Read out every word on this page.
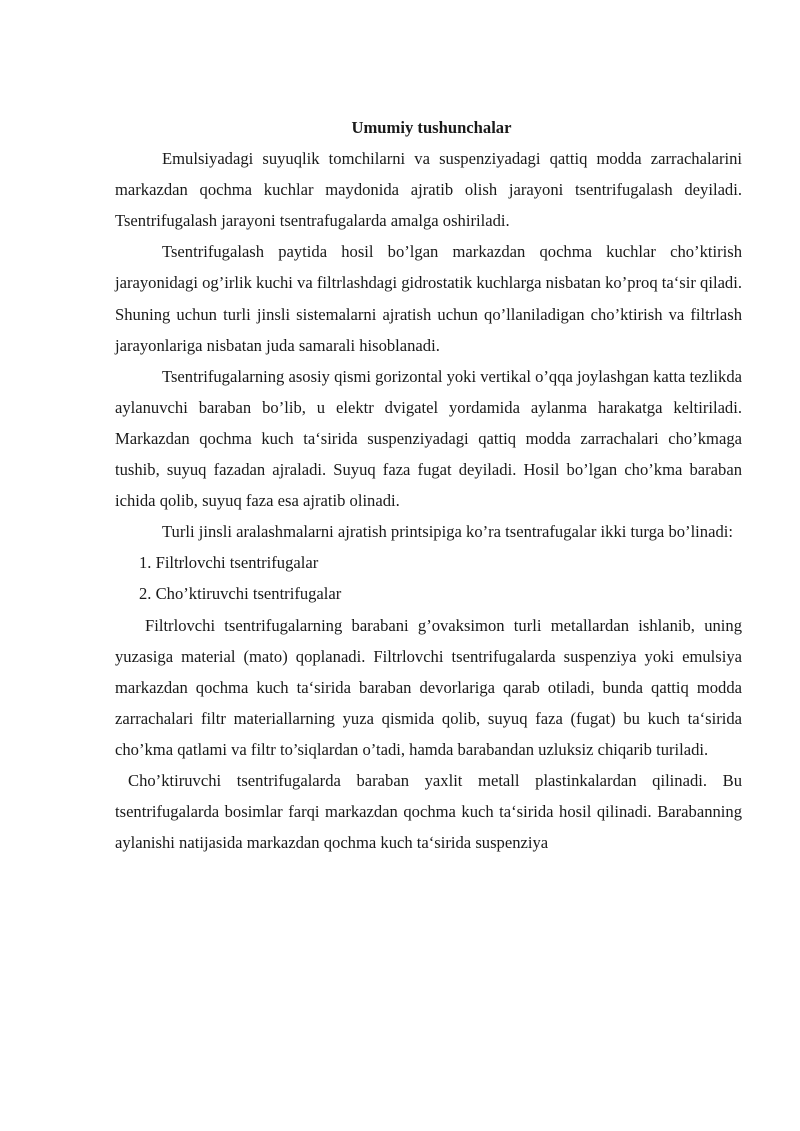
Umumiy tushunchalar

Emulsiyadagi suyuqlik tomchilarni va suspenziyadagi qattiq modda zarrachalarini markazdan qochma kuchlar maydonida ajratib olish jarayoni tsentrifugalash deyiladi. Tsentrifugalash jarayoni tsentrafugalarda amalga oshiriladi.

Tsentrifugalash paytida hosil bo’lgan markazdan qochma kuchlar cho’ktirish jarayonidagi og’irlik kuchi va filtrlashdagi gidrostatik kuchlarga nisbatan ko’proq ta‘sir qiladi. Shuning uchun turli jinsli sistemalarni ajratish uchun qo’llaniladigan cho’ktirish va filtrlash jarayonlariga nisbatan juda samarali hisoblanadi.

Tsentrifugalarning asosiy qismi gorizontal yoki vertikal o’qqa joylashgan katta tezlikda aylanuvchi baraban bo’lib, u elektr dvigatel yordamida aylanma harakatga keltiriladi. Markazdan qochma kuch ta‘sirida suspenziyadagi qattiq modda zarrachalari cho’kmaga tushib, suyuq fazadan ajraladi. Suyuq faza fugat deyiladi. Hosil bo’lgan cho’kma baraban ichida qolib, suyuq faza esa ajratib olinadi.

Turli jinsli aralashmalarni ajratish printsipiga ko’ra tsentrafugalar ikki turga bo’linadi:

1. Filtrlovchi tsentrifugalar

2. Cho’ktiruvchi tsentrifugalar

Filtrlovchi tsentrifugalarning barabani g’ovaksimon turli metallardan ishlanib, uning yuzasiga material (mato) qoplanadi. Filtrlovchi tsentrifugalarda suspenziya yoki emulsiya markazdan qochma kuch ta‘sirida baraban devorlariga qarab otiladi, bunda qattiq modda zarrachalari filtr materiallarning yuza qismida qolib, suyuq faza (fugat) bu kuch ta‘sirida cho’kma qatlami va filtr to’siqlardan o’tadi, hamda barabandan uzluksiz chiqarib turiladi.

Cho’ktiruvchi tsentrifugalarda baraban yaxlit metall plastinkalardan qilinadi. Bu tsentrifugalarda bosimlar farqi markazdan qochma kuch ta‘sirida hosil qilinadi. Barabanning aylanishi natijasida markazdan qochma kuch ta‘sirida suspenziya
